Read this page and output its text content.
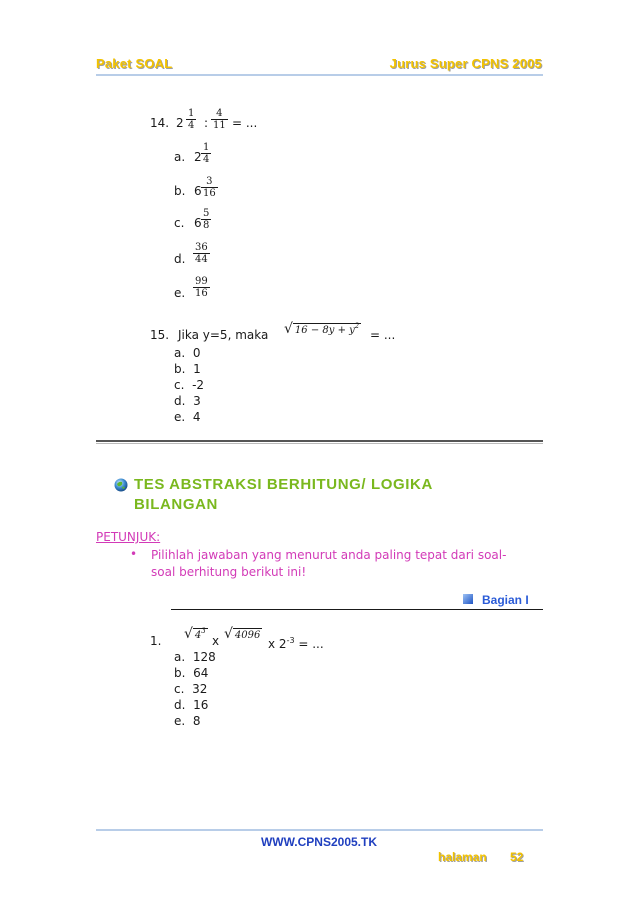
Paket SOAL	Jurus Super CPNS 2005
14. $2 \frac{1}{4}$ : $\frac{4}{11}$ = ...
a. $2 \frac{1}{4}$
b. $6 \frac{3}{16}$
c. $6 \frac{5}{8}$
d. $\frac{36}{44}$
e. $\frac{99}{16}$
15. Jika y=5, maka √ $16 - 8y + y^2$
= ...
a. 0
b. 1
c. -2
d. 3
e. 4
TES ABSTRAKSI BERHITUNG/ LOGIKA
BILANGAN
PETUNJUK:
• Pilihlah jawaban yang menurut anda paling tepat dari soal-
soal berhitung berikut ini!
Bagian I
1. √ $4^3$
x √ 4096
x $2^{-3}$ = ...
a. 128
b. 64
c. 32
d. 16
e. 8
WWW.CPNS2005.TK
halaman 52
